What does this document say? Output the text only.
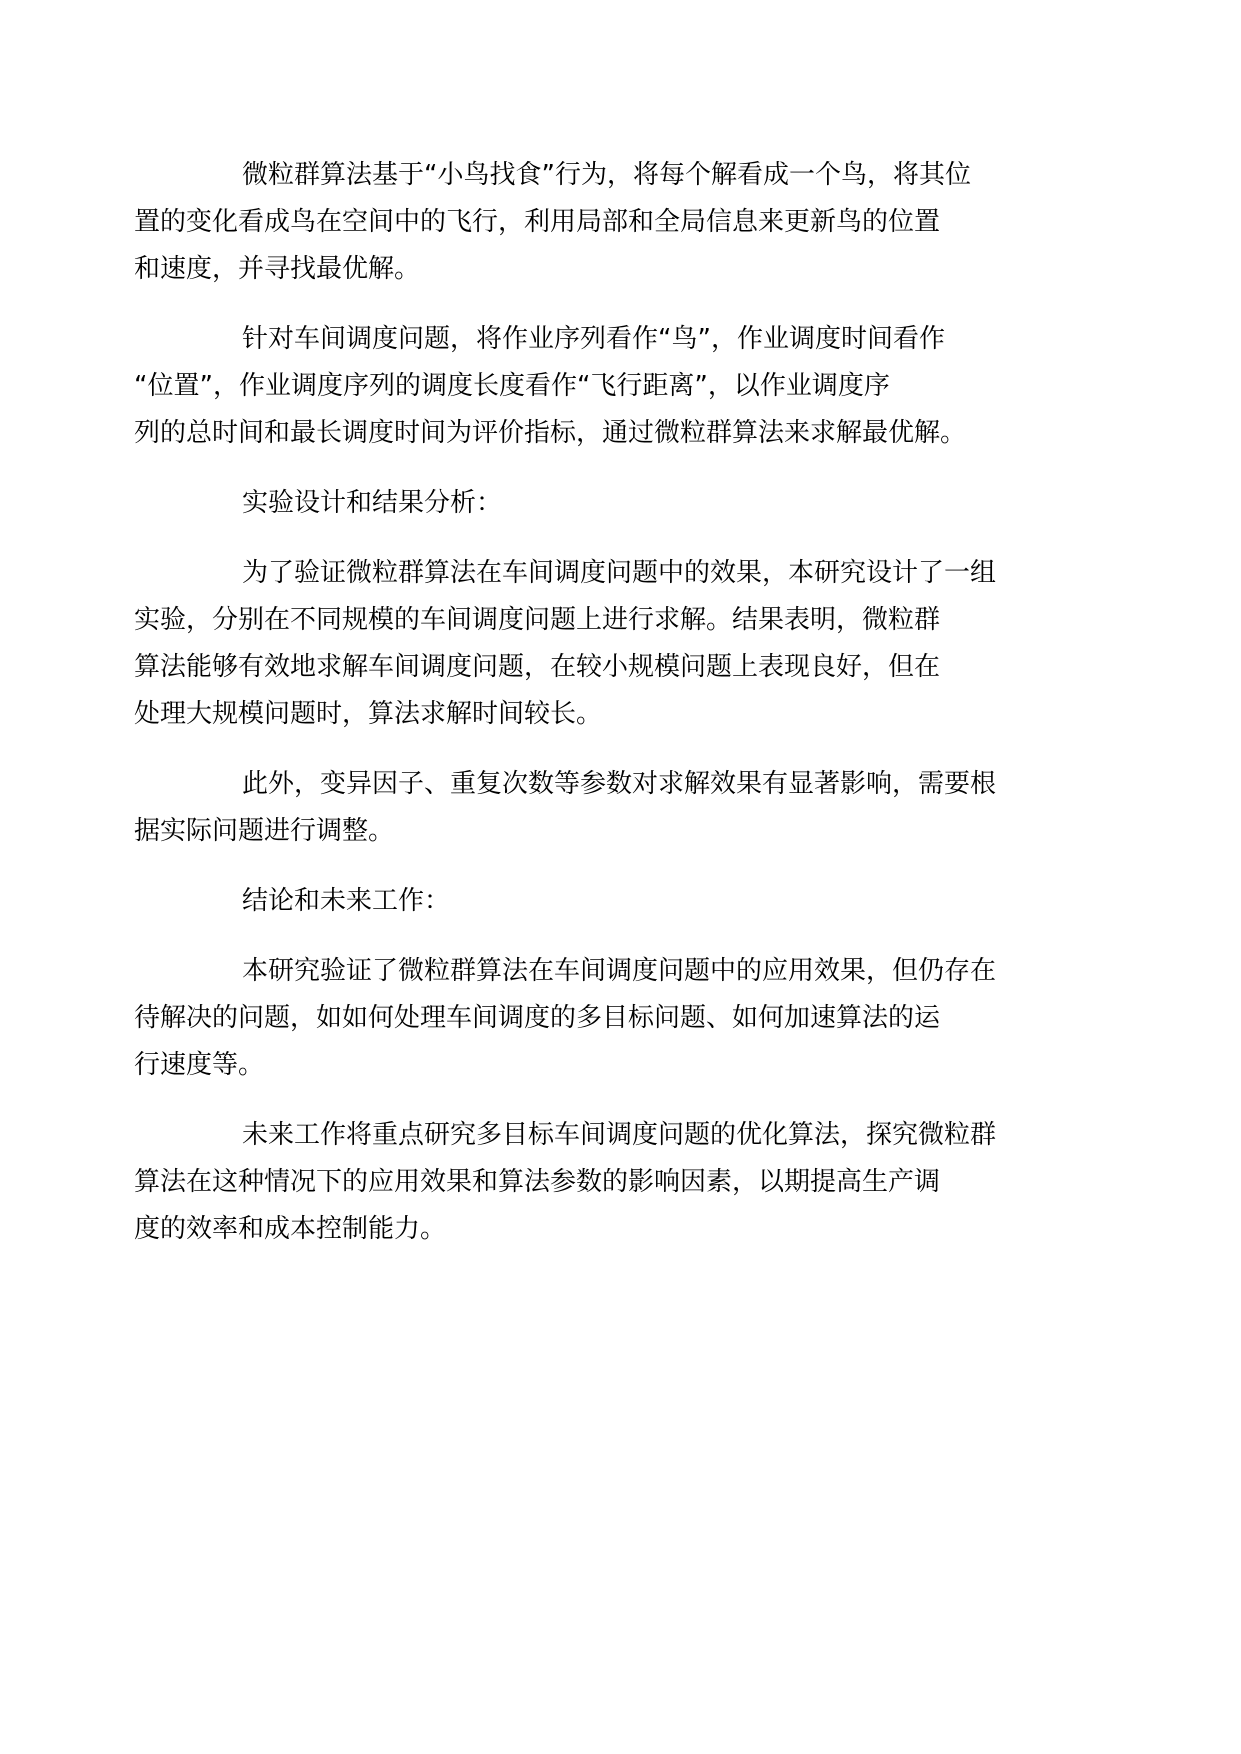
微粒群算法基于“小鸟找食”行为，将每个解看成一个鸟，将其位
置的变化看成鸟在空间中的飞行，利用局部和全局信息来更新鸟的位置
和速度，并寻找最优解。

针对车间调度问题，将作业序列看作“鸟”，作业调度时间看作
“位置”，作业调度序列的调度长度看作“飞行距离”，以作业调度序
列的总时间和最长调度时间为评价指标，通过微粒群算法来求解最优解。

实验设计和结果分析：

为了验证微粒群算法在车间调度问题中的效果，本研究设计了一组
实验，分别在不同规模的车间调度问题上进行求解。结果表明，微粒群
算法能够有效地求解车间调度问题，在较小规模问题上表现良好，但在
处理大规模问题时，算法求解时间较长。

此外，变异因子、重复次数等参数对求解效果有显著影响，需要根
据实际问题进行调整。

结论和未来工作：

本研究验证了微粒群算法在车间调度问题中的应用效果，但仍存在
待解决的问题，如如何处理车间调度的多目标问题、如何加速算法的运
行速度等。

未来工作将重点研究多目标车间调度问题的优化算法，探究微粒群
算法在这种情况下的应用效果和算法参数的影响因素，以期提高生产调
度的效率和成本控制能力。
